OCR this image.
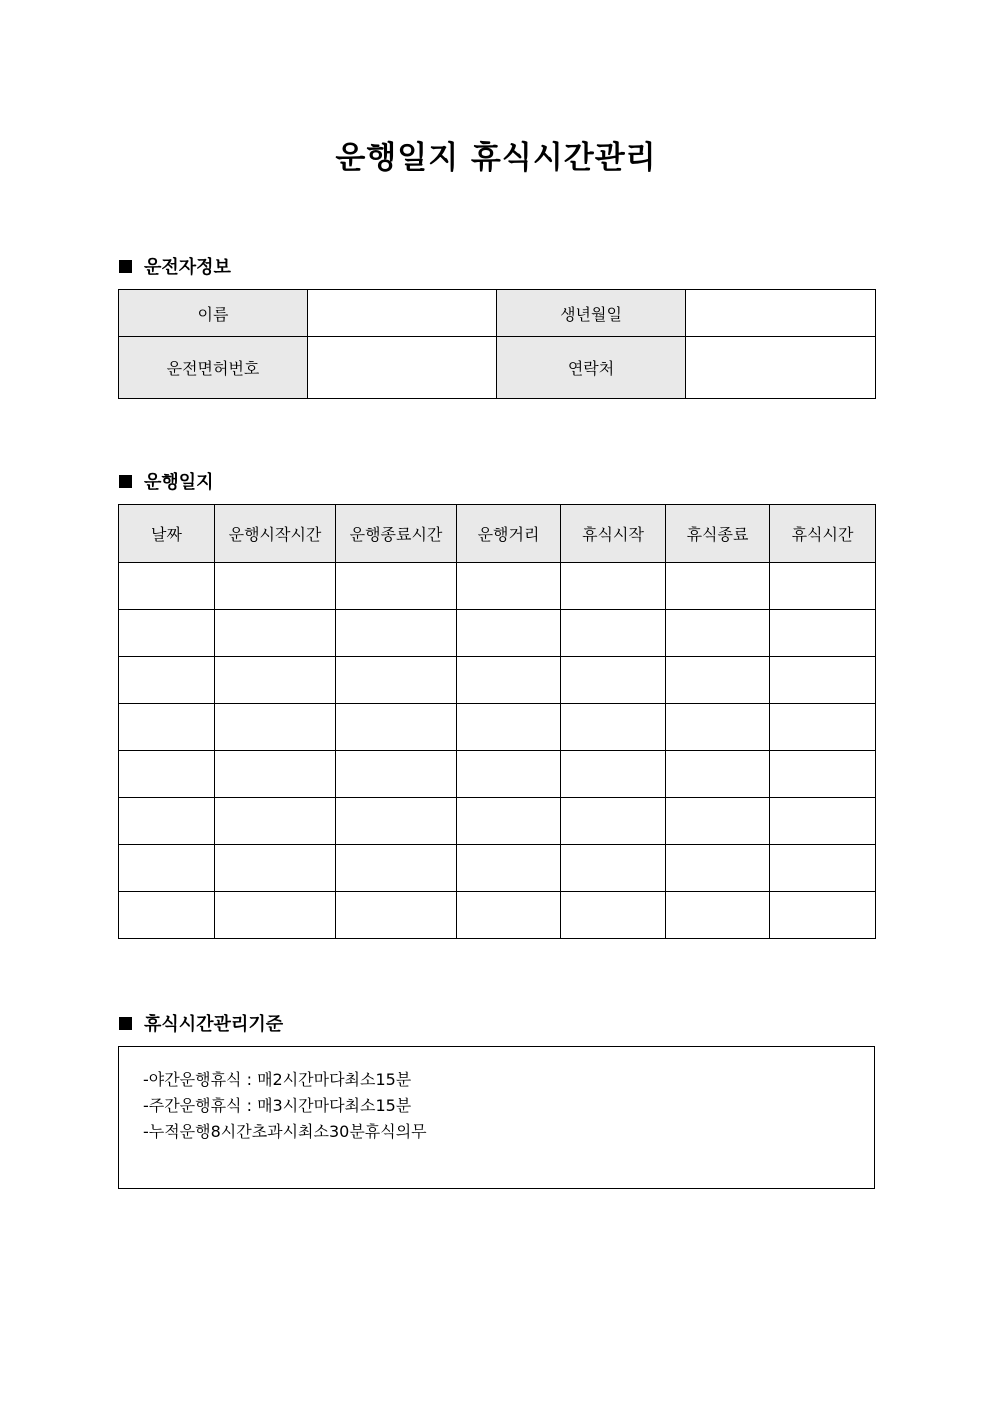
운행일지 휴식시간관리
운전자정보
이름		생년월일	
운전면허번호		연락처	
운행일지
날짜	운행시작시간	운행종료시간	운행거리	휴식시작	휴식종료	휴식시간

휴식시간관리기준
-야간운행휴식 : 매2시간마다최소15분
-주간운행휴식 : 매3시간마다최소15분
-누적운행8시간초과시최소30분휴식의무
